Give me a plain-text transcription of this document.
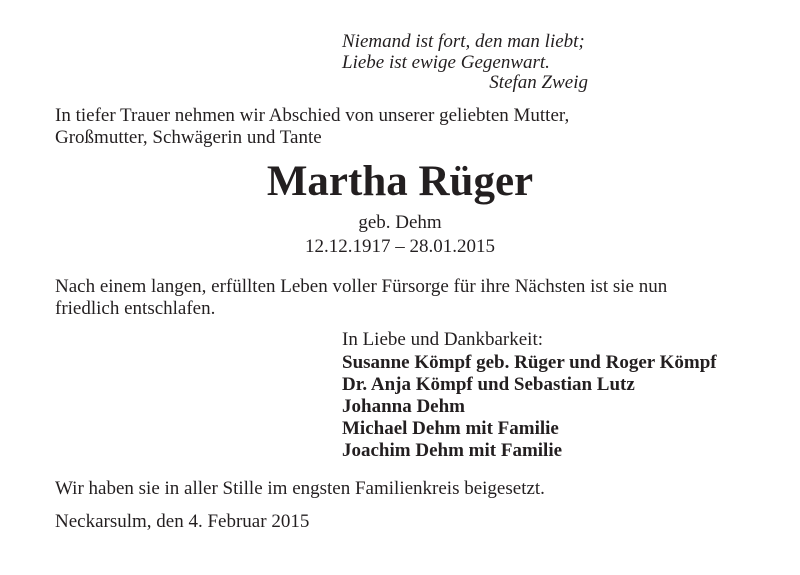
Niemand ist fort, den man liebt;
Liebe ist ewige Gegenwart.
Stefan Zweig
In tiefer Trauer nehmen wir Abschied von unserer geliebten Mutter,
Großmutter, Schwägerin und Tante
Martha Rüger
geb. Dehm
12.12.1917 – 28.01.2015
Nach einem langen, erfüllten Leben voller Fürsorge für ihre Nächsten ist sie nun
friedlich entschlafen.
In Liebe und Dankbarkeit:
Susanne Kömpf geb. Rüger und Roger Kömpf
Dr. Anja Kömpf und Sebastian Lutz
Johanna Dehm
Michael Dehm mit Familie
Joachim Dehm mit Familie
Wir haben sie in aller Stille im engsten Familienkreis beigesetzt.
Neckarsulm, den 4. Februar 2015
